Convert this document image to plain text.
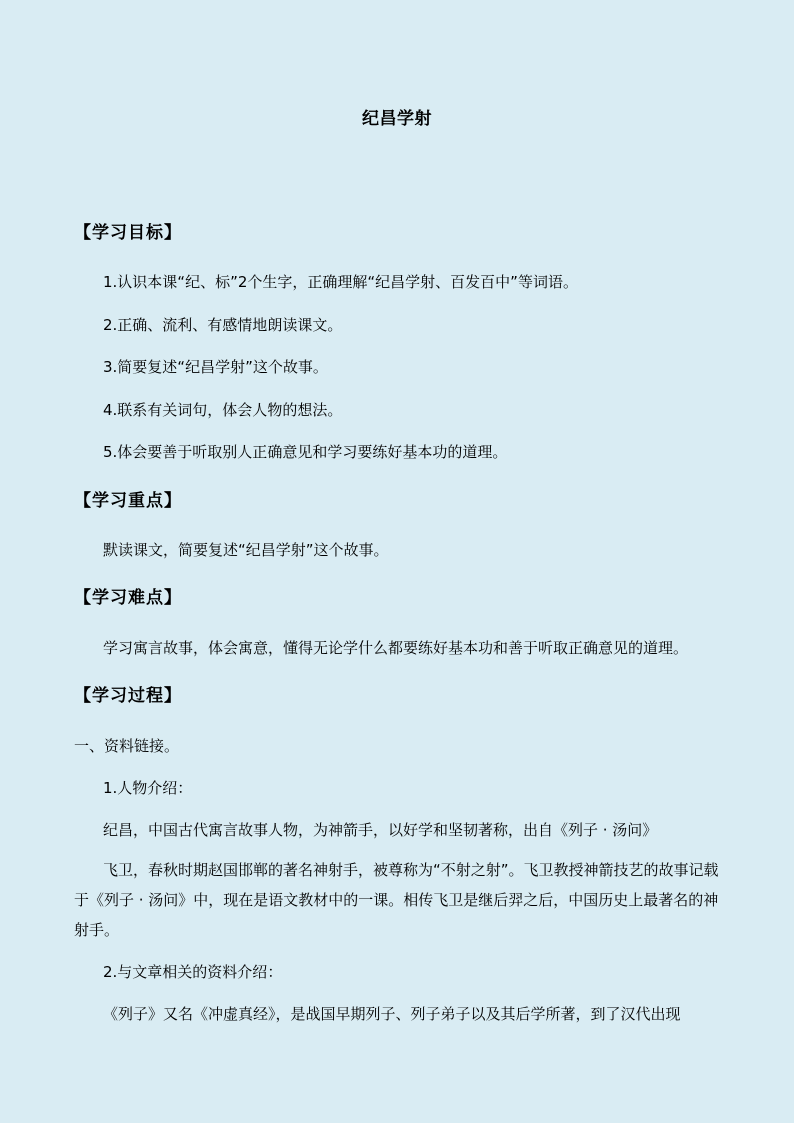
纪昌学射
【学习目标】
1.认识本课“纪、标”2个生字，正确理解“纪昌学射、百发百中”等词语。
2.正确、流利、有感情地朗读课文。
3.简要复述“纪昌学射”这个故事。
4.联系有关词句，体会人物的想法。
5.体会要善于听取别人正确意见和学习要练好基本功的道理。
【学习重点】
默读课文，简要复述“纪昌学射”这个故事。
【学习难点】
学习寓言故事，体会寓意，懂得无论学什么都要练好基本功和善于听取正确意见的道理。
【学习过程】
一、资料链接。
1.人物介绍：
纪昌，中国古代寓言故事人物，为神箭手，以好学和坚韧著称，出自《列子 · 汤问》
飞卫，春秋时期赵国邯郸的著名神射手，被尊称为“不射之射”。飞卫教授神箭技艺的故事记载于《列子 · 汤问》中，现在是语文教材中的一课。相传飞卫是继后羿之后，中国历史上最著名的神射手。
2.与文章相关的资料介绍：
《列子》又名《冲虚真经》，是战国早期列子、列子弟子以及其后学所著，到了汉代出现
